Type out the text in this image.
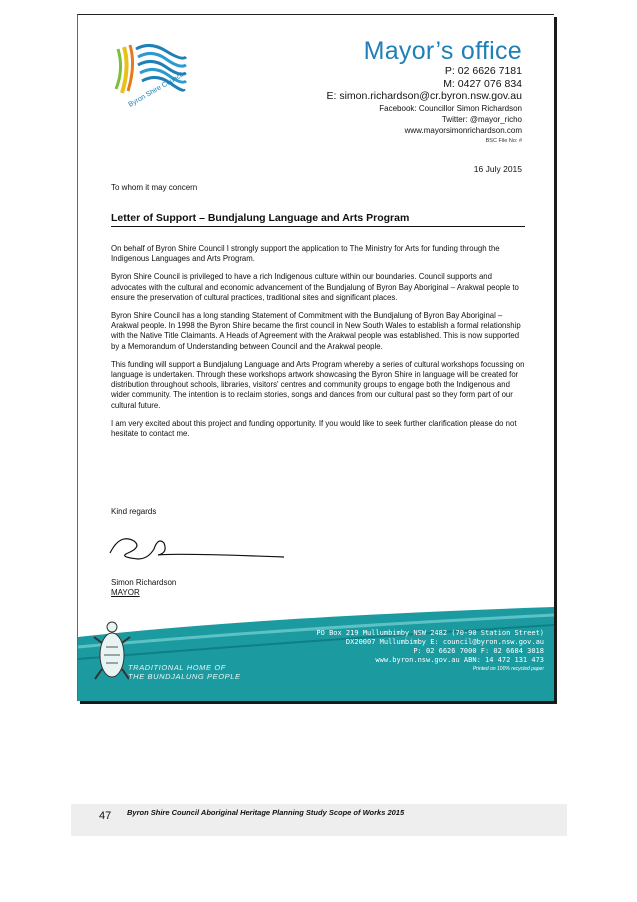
Byron Shire Council
Mayor’s office
P: 02 6626 7181
M: 0427 076 834
E: simon.richardson@cr.byron.nsw.gov.au
Facebook: Councillor Simon Richardson
Twitter: @mayor_richo
www.mayorsimonrichardson.com
BSC File No: #
16 July 2015
To whom it may concern
Letter of Support – Bundjalung Language and Arts Program

On behalf of Byron Shire Council I strongly support the application to The Ministry for Arts for funding through the Indigenous Languages and Arts Program.

Byron Shire Council is privileged to have a rich Indigenous culture within our boundaries. Council supports and advocates with the cultural and economic advancement of the Bundjalung of Byron Bay Aboriginal – Arakwal people to ensure the preservation of cultural practices, traditional sites and significant places.

Byron Shire Council has a long standing Statement of Commitment with the Bundjalung of Byron Bay Aboriginal – Arakwal people. In 1998 the Byron Shire became the first council in New South Wales to establish a formal relationship with the Native Title Claimants. A Heads of Agreement with the Arakwal people was established. This is now supported by a Memorandum of Understanding between Council and the Arakwal people.

This funding will support a Bundjalung Language and Arts Program whereby a series of cultural workshops focussing on language is undertaken. Through these workshops artwork showcasing the Byron Shire in language will be created for distribution throughout schools, libraries, visitors' centres and community groups to engage both the Indigenous and wider community. The intention is to reclaim stories, songs and dances from our cultural past so they form part of our cultural future.

I am very excited about this project and funding opportunity. If you would like to seek further clarification please do not hesitate to contact me.

Kind regards
Simon Richardson
MAYOR
TRADITIONAL HOME OF
THE BUNDJALUNG PEOPLE
PO Box 219 Mullumbimby NSW 2482 (70-90 Station Street)
DX20007 Mullumbimby E: council@byron.nsw.gov.au
P: 02 6626 7000 F: 02 6684 3018
www.byron.nsw.gov.au ABN: 14 472 131 473
Printed on 100% recycled paper
47 Byron Shire Council Aboriginal Heritage Planning Study Scope of Works 2015
